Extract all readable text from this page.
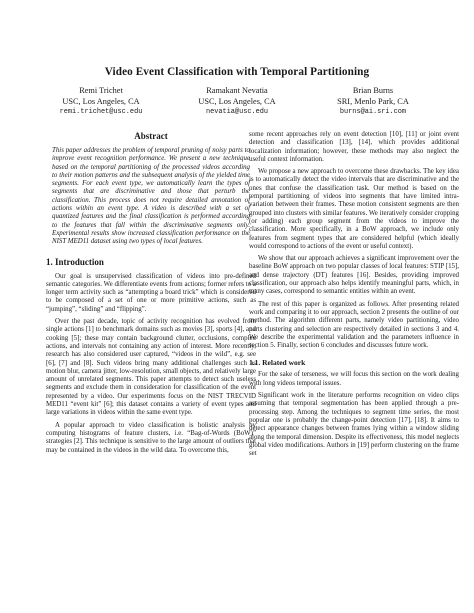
Video Event Classification with Temporal Partitioning
Remi Trichet
USC, Los Angeles, CA
remi.trichet@usc.edu
Ramakant Nevatia
USC, Los Angeles, CA
nevatia@usc.edu
Brian Burns
SRI, Menlo Park, CA
burns@ai.sri.com
Abstract

This paper addresses the problem of temporal pruning of noisy parts to improve event recognition performance. We present a new technique based on the temporal partitioning of the processed videos according to their motion patterns and the subsequent analysis of the yielded time segments. For each event type, we automatically learn the types of segments that are discriminative and those that perturb the classification. This process does not require detailed annotation of actions within an event type. A video is described with a set of quantized features and the final classification is performed according to the features that fall within the discriminative segments only. Experimental results show increased classification performance on the NIST MED11 dataset using two types of local features.

1. Introduction

Our goal is unsupervised classification of videos into pre-defined semantic categories. We differentiate events from actions; former refers to a longer term activity such as “attempting a board trick” which is considered to be composed of a set of one or more primitive actions, such as “jumping”, “sliding” and “flipping”.

Over the past decade, topic of activity recognition has evolved from single actions [1] to benchmark domains such as movies [3], sports [4], and cooking [5]; these may contain background clutter, occlusions, complex actions, and intervals not containing any action of interest. More recently, research has also considered user captured, “videos in the wild”, e.g. see [6], [7] and [8]. Such videos bring many additional challenges such as motion blur, camera jitter, low-resolution, small objects, and relatively large amount of unrelated segments. This paper attempts to detect such useless segments and exclude them in consideration for classification of the event represented by a video. Our experiments focus on the NIST TRECVID MED11 “event kit” [6]; this dataset contains a variety of event types and large variations in videos within the same event type.

A popular approach to video classification is holistic analysis by computing histograms of feature clusters, i.e. “Bag-of-Words (BoW)” strategies [2]. This technique is sensitive to the large amount of outliers that may be contained in the videos in the wild data. To overcome this,

some recent approaches rely on event detection [10], [11] or joint event detection and classification [13], [14], which provides additional localization information; however, these methods may also neglect the useful context information.

We propose a new approach to overcome these drawbacks. The key idea is to automatically detect the video intervals that are discriminative and the ones that confuse the classification task. Our method is based on the temporal partitioning of videos into segments that have limited intra-variation between their frames. These motion consistent segments are then grouped into clusters with similar features. We iteratively consider cropping (or adding) each group segment from the videos to improve the classification. More specifically, in a BoW approach, we include only features from segment types that are considered helpful (which ideally would correspond to actions of the event or useful context).

We show that our approach achieves a significant improvement over the baseline BoW approach on two popular classes of local features: STIP [15], and dense trajectory (DT) features [16]. Besides, providing improved classification, our approach also helps identify meaningful parts, which, in many cases, correspond to semantic entities within an event.

The rest of this paper is organized as follows. After presenting related work and comparing it to our approach, section 2 presents the outline of our method. The algorithm different parts, namely video partitioning, video parts clustering and selection are respectively detailed in sections 3 and 4. We describe the experimental validation and the parameters influence in section 5. Finally, section 6 concludes and discusses future work.

1.1. Related work

For the sake of terseness, we will focus this section on the work dealing with long videos temporal issues.

Significant work in the literature performs recognition on video clips assuming that temporal segmentation has been applied through a pre-processing step. Among the techniques to segment time series, the most popular one is probably the change-point detection [17], [18]. It aims to detect appearance changes between frames lying within a window sliding along the temporal dimension. Despite its effectiveness, this model neglects global video modifications. Authors in [19] perform clustering on the frame set
